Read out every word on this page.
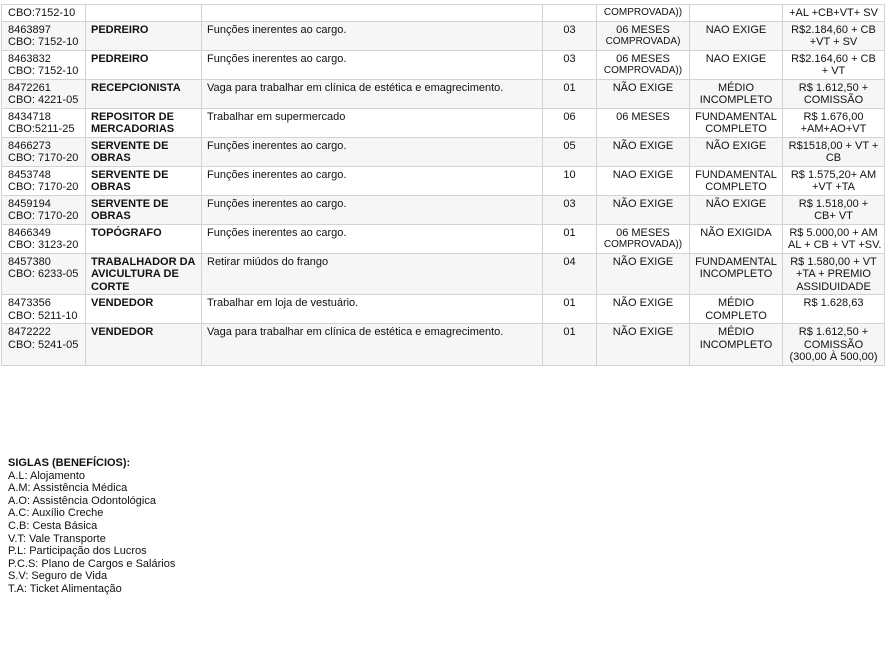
CBO:7152-10				COMPROVADA))		+AL +CB+VT+ SV

8463897
CBO: 7152-10	PEDREIRO	Funções inerentes ao cargo.	03	06 MESES
COMPROVADA)	NAO EXIGE	R$2.184,60 + CB
+VT + SV

8463832
CBO: 7152-10	PEDREIRO	Funções inerentes ao cargo.	03	06 MESES
COMPROVADA))	NAO EXIGE	R$2.164,60 + CB
+ VT

8472261
CBO: 4221-05	RECEPCIONISTA	Vaga para trabalhar em clínica de estética e emagrecimento.	01	NÃO EXIGE	MÉDIO
INCOMPLETO	R$ 1.612,50 +
COMISSÃO

8434718
CBO:5211-25	REPOSITOR DE
MERCADORIAS	Trabalhar em supermercado	06	06 MESES	FUNDAMENTAL
COMPLETO	R$ 1.676,00
+AM+AO+VT

8466273
CBO: 7170-20	SERVENTE DE
OBRAS	Funções inerentes ao cargo.	05	NÃO EXIGE	NÃO EXIGE	R$1518,00 + VT +
CB

8453748
CBO: 7170-20	SERVENTE DE
OBRAS	Funções inerentes ao cargo.	10	NAO EXIGE	FUNDAMENTAL
COMPLETO	R$ 1.575,20+ AM
+VT +TA

8459194
CBO: 7170-20	SERVENTE DE
OBRAS	Funções inerentes ao cargo.	03	NÃO EXIGE	NÃO EXIGE	R$ 1.518,00 +
CB+ VT

8466349
CBO: 3123-20	TOPÓGRAFO	Funções inerentes ao cargo.	01	06 MESES
COMPROVADA))	NÃO EXIGIDA	R$ 5.000,00 + AM
AL + CB + VT +SV.

8457380
CBO: 6233-05	TRABALHADOR DA
AVICULTURA DE
CORTE	Retirar miúdos do frango	04	NÃO EXIGE	FUNDAMENTAL
INCOMPLETO	R$ 1.580,00 + VT
+TA + PREMIO
ASSIDUIDADE

8473356
CBO: 5211-10	VENDEDOR	Trabalhar em loja de vestuário.	01	NÃO EXIGE	MÉDIO
COMPLETO	R$ 1.628,63

8472222
CBO: 5241-05	VENDEDOR	Vaga para trabalhar em clínica de estética e emagrecimento.	01	NÃO EXIGE	MÉDIO
INCOMPLETO	R$ 1.612,50 +
COMISSÃO
(300,00 À 500,00)
SIGLAS (BENEFÍCIOS):
A.L: Alojamento
A.M: Assistência Médica
A.O: Assistência Odontológica
A.C: Auxílio Creche
C.B: Cesta Básica
V.T: Vale Transporte
P.L: Participação dos Lucros
P.C.S: Plano de Cargos e Salários
S.V: Seguro de Vida
T.A: Ticket Alimentação
